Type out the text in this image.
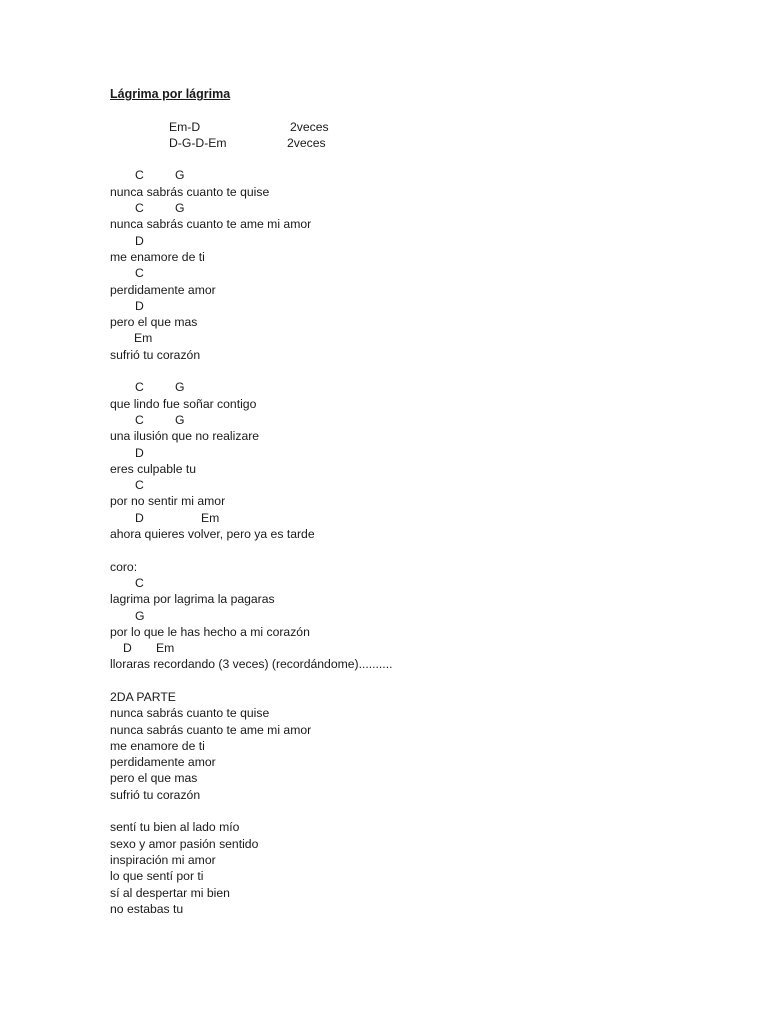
Lágrima por lágrima
Em-D	2veces
D-G-D-Em	2veces
C	G
nunca sabrás cuanto te quise
C	G
nunca sabrás cuanto te ame mi amor
D
me enamore de ti
C
perdidamente amor
D
pero el que mas
Em
sufrió tu corazón
C	G
que lindo fue soñar contigo
C	G
una ilusión que no realizare
D
eres culpable tu
C
por no sentir mi amor
D	Em
ahora quieres volver, pero ya es tarde
coro:
C
lagrima por lagrima la pagaras
G
por lo que le has hecho a mi corazón
D Em
lloraras recordando (3 veces) (recordándome)..........
2DA PARTE
nunca sabrás cuanto te quise
nunca sabrás cuanto te ame mi amor
me enamore de ti
perdidamente amor
pero el que mas
sufrió tu corazón
sentí tu bien al lado mío
sexo y amor pasión sentido
inspiración mi amor
lo que sentí por ti
sí al despertar mi bien
no estabas tu
